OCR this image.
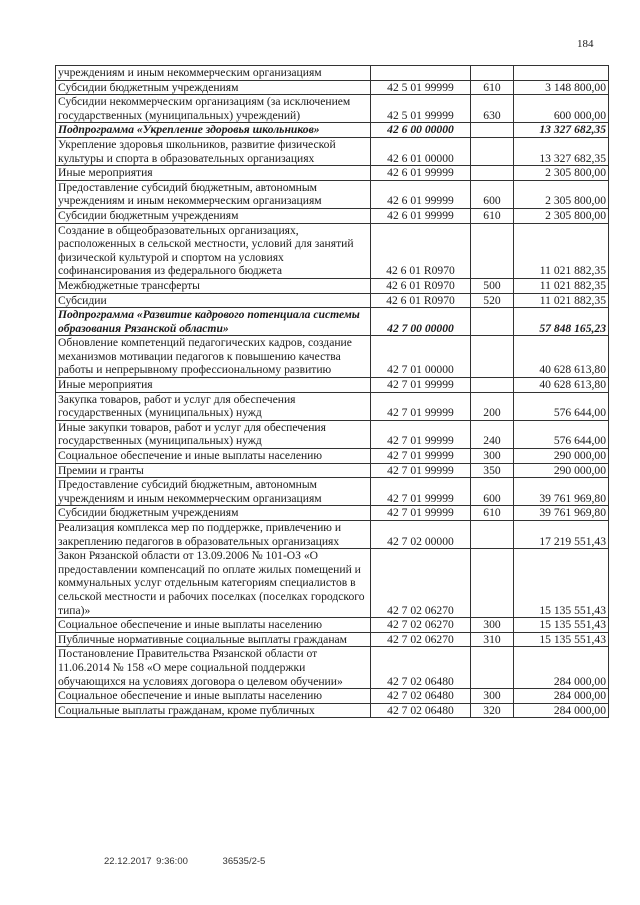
184
учреждениям и иным некоммерческим организациям			
Субсидии бюджетным учреждениям	42 5 01 99999	610	3 148 800,00
Субсидии некоммерческим организациям (за исключением государственных (муниципальных) учреждений)	42 5 01 99999	630	600 000,00
Подпрограмма «Укрепление здоровья школьников»	42 6 00 00000		13 327 682,35
Укрепление здоровья школьников, развитие физической культуры и спорта в образовательных организациях	42 6 01 00000		13 327 682,35
Иные мероприятия	42 6 01 99999		2 305 800,00
Предоставление субсидий бюджетным, автономным учреждениям и иным некоммерческим организациям	42 6 01 99999	600	2 305 800,00
Субсидии бюджетным учреждениям	42 6 01 99999	610	2 305 800,00
Создание в общеобразовательных организациях, расположенных в сельской местности, условий для занятий физической культурой и спортом на условиях софинансирования из федерального бюджета	42 6 01 R0970		11 021 882,35
Межбюджетные трансферты	42 6 01 R0970	500	11 021 882,35
Субсидии	42 6 01 R0970	520	11 021 882,35
Подпрограмма «Развитие кадрового потенциала системы образования Рязанской области»	42 7 00 00000		57 848 165,23
Обновление компетенций педагогических кадров, создание механизмов мотивации педагогов к повышению качества работы и непрерывному профессиональному развитию	42 7 01 00000		40 628 613,80
Иные мероприятия	42 7 01 99999		40 628 613,80
Закупка товаров, работ и услуг для обеспечения государственных (муниципальных) нужд	42 7 01 99999	200	576 644,00
Иные закупки товаров, работ и услуг для обеспечения государственных (муниципальных) нужд	42 7 01 99999	240	576 644,00
Социальное обеспечение и иные выплаты населению	42 7 01 99999	300	290 000,00
Премии и гранты	42 7 01 99999	350	290 000,00
Предоставление субсидий бюджетным, автономным учреждениям и иным некоммерческим организациям	42 7 01 99999	600	39 761 969,80
Субсидии бюджетным учреждениям	42 7 01 99999	610	39 761 969,80
Реализация комплекса мер по поддержке, привлечению и закреплению педагогов в образовательных организациях	42 7 02 00000		17 219 551,43
Закон Рязанской области от 13.09.2006 № 101-ОЗ «О предоставлении компенсаций по оплате жилых помещений и коммунальных услуг отдельным категориям специалистов в сельской местности и рабочих поселках (поселках городского типа)»	42 7 02 06270		15 135 551,43
Социальное обеспечение и иные выплаты населению	42 7 02 06270	300	15 135 551,43
Публичные нормативные социальные выплаты гражданам	42 7 02 06270	310	15 135 551,43
Постановление Правительства Рязанской области от 11.06.2014 № 158 «О мере социальной поддержки обучающихся на условиях договора о целевом обучении»	42 7 02 06480		284 000,00
Социальное обеспечение и иные выплаты населению	42 7 02 06480	300	284 000,00
Социальные выплаты гражданам, кроме публичных	42 7 02 06480	320	284 000,00
22.12.2017 9:36:00	36535/2-5
